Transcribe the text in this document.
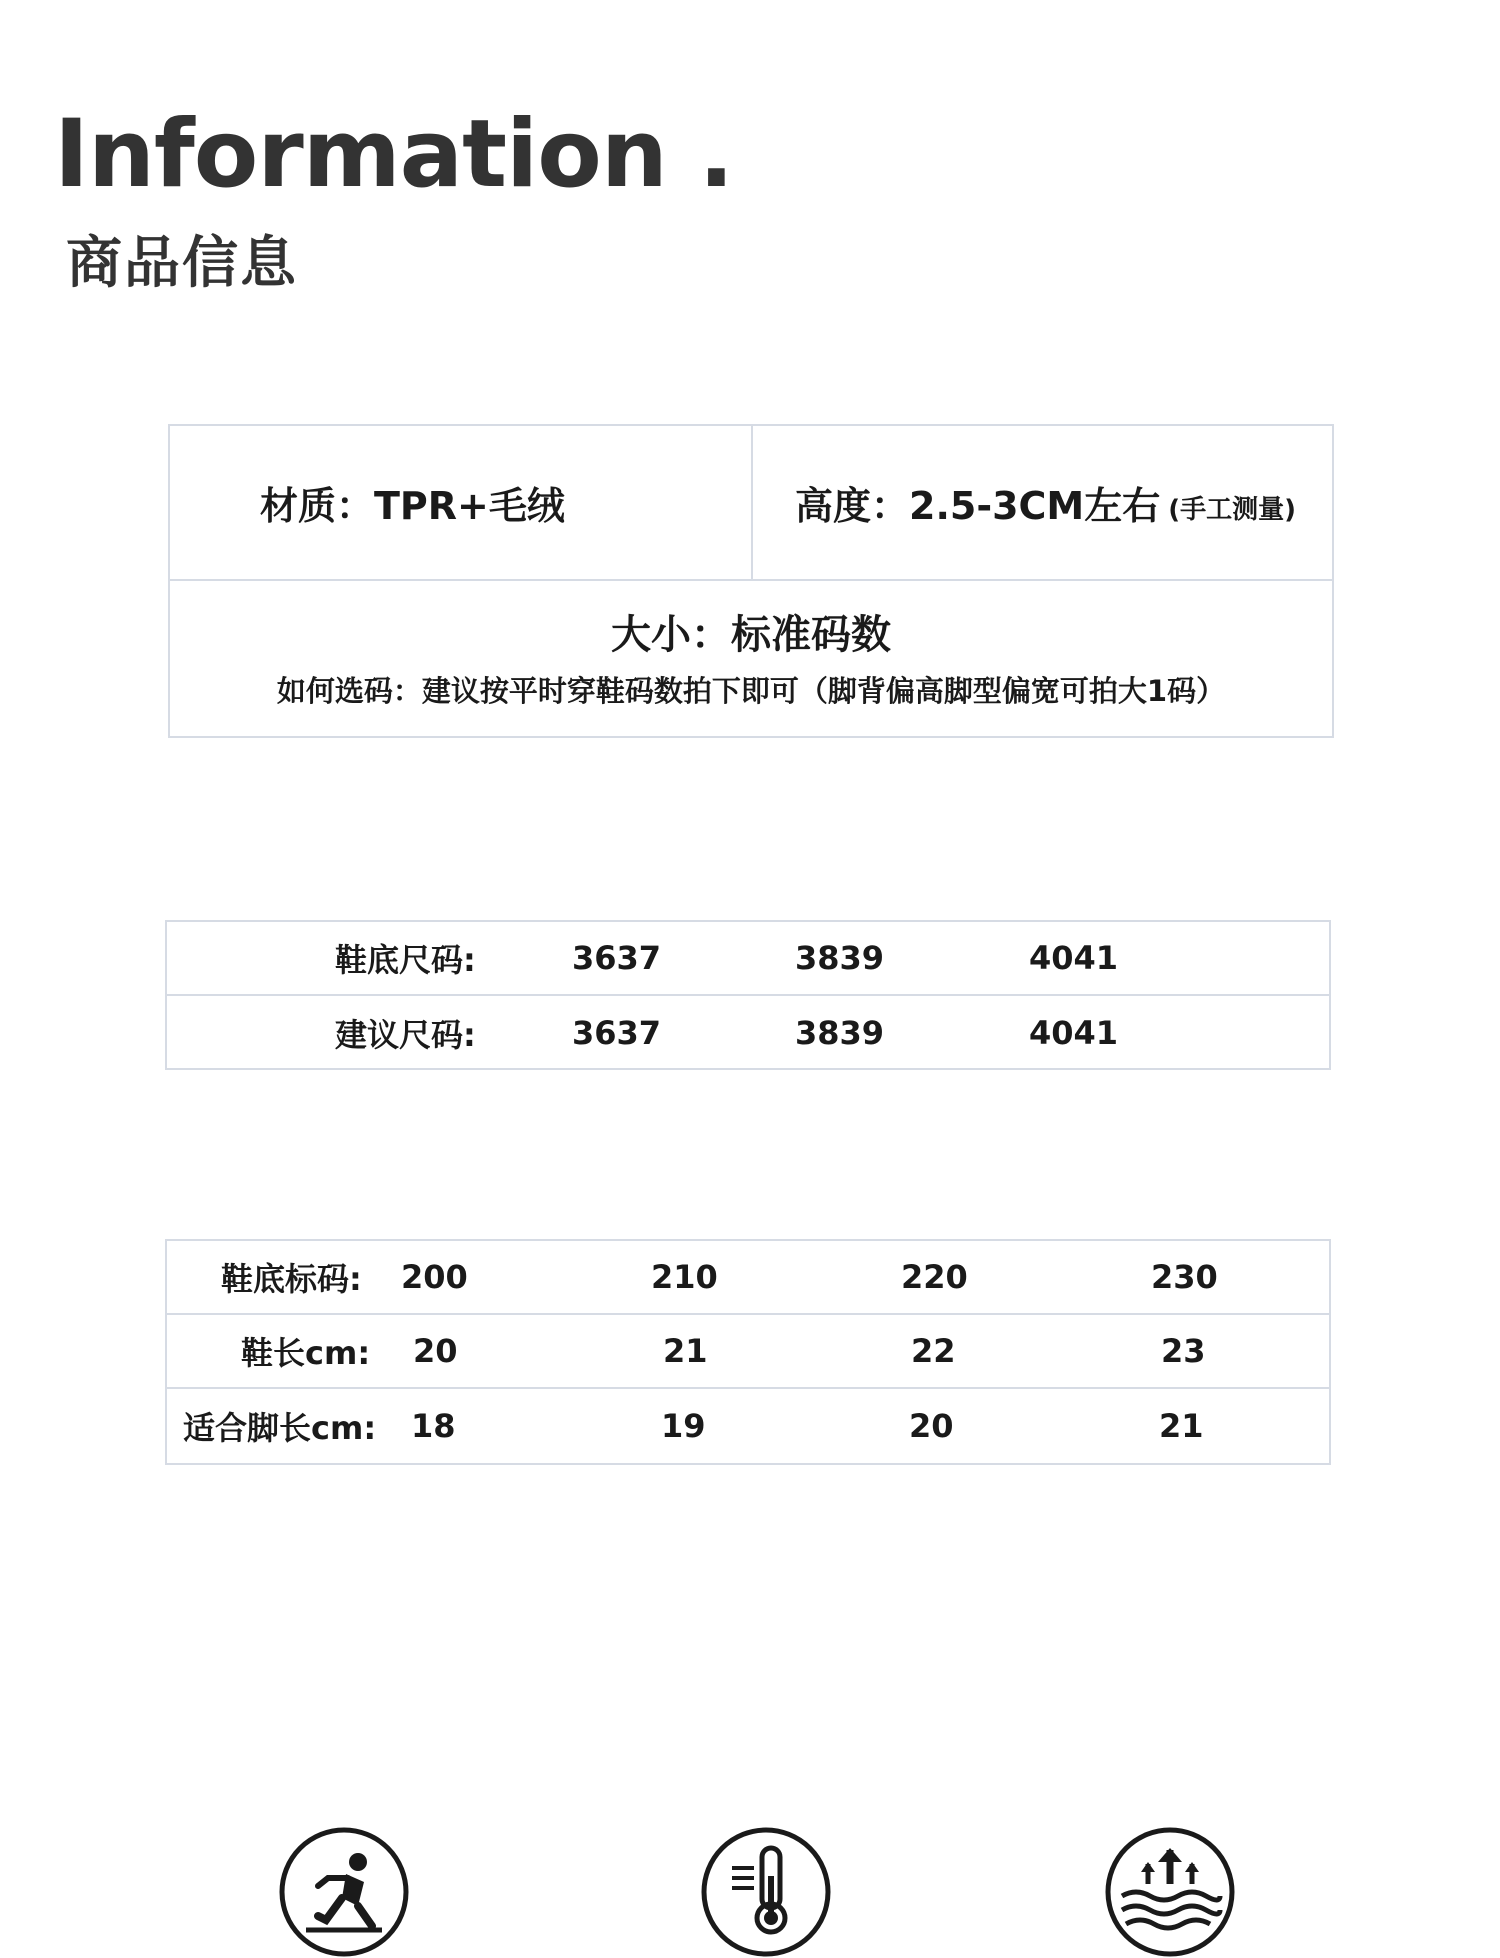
Information .
商品信息
材质：TPR+毛绒	高度：2.5-3CM左右 (手工测量)
大小：标准码数
如何选码：建议按平时穿鞋码数拍下即可（脚背偏高脚型偏宽可拍大1码）
鞋底尺码:	3637	3839	4041
建议尺码:	3637	3839	4041
鞋底标码: 200	210	220	230
鞋长cm: 20	21	22	23
适合脚长cm: 18	19	20	21
